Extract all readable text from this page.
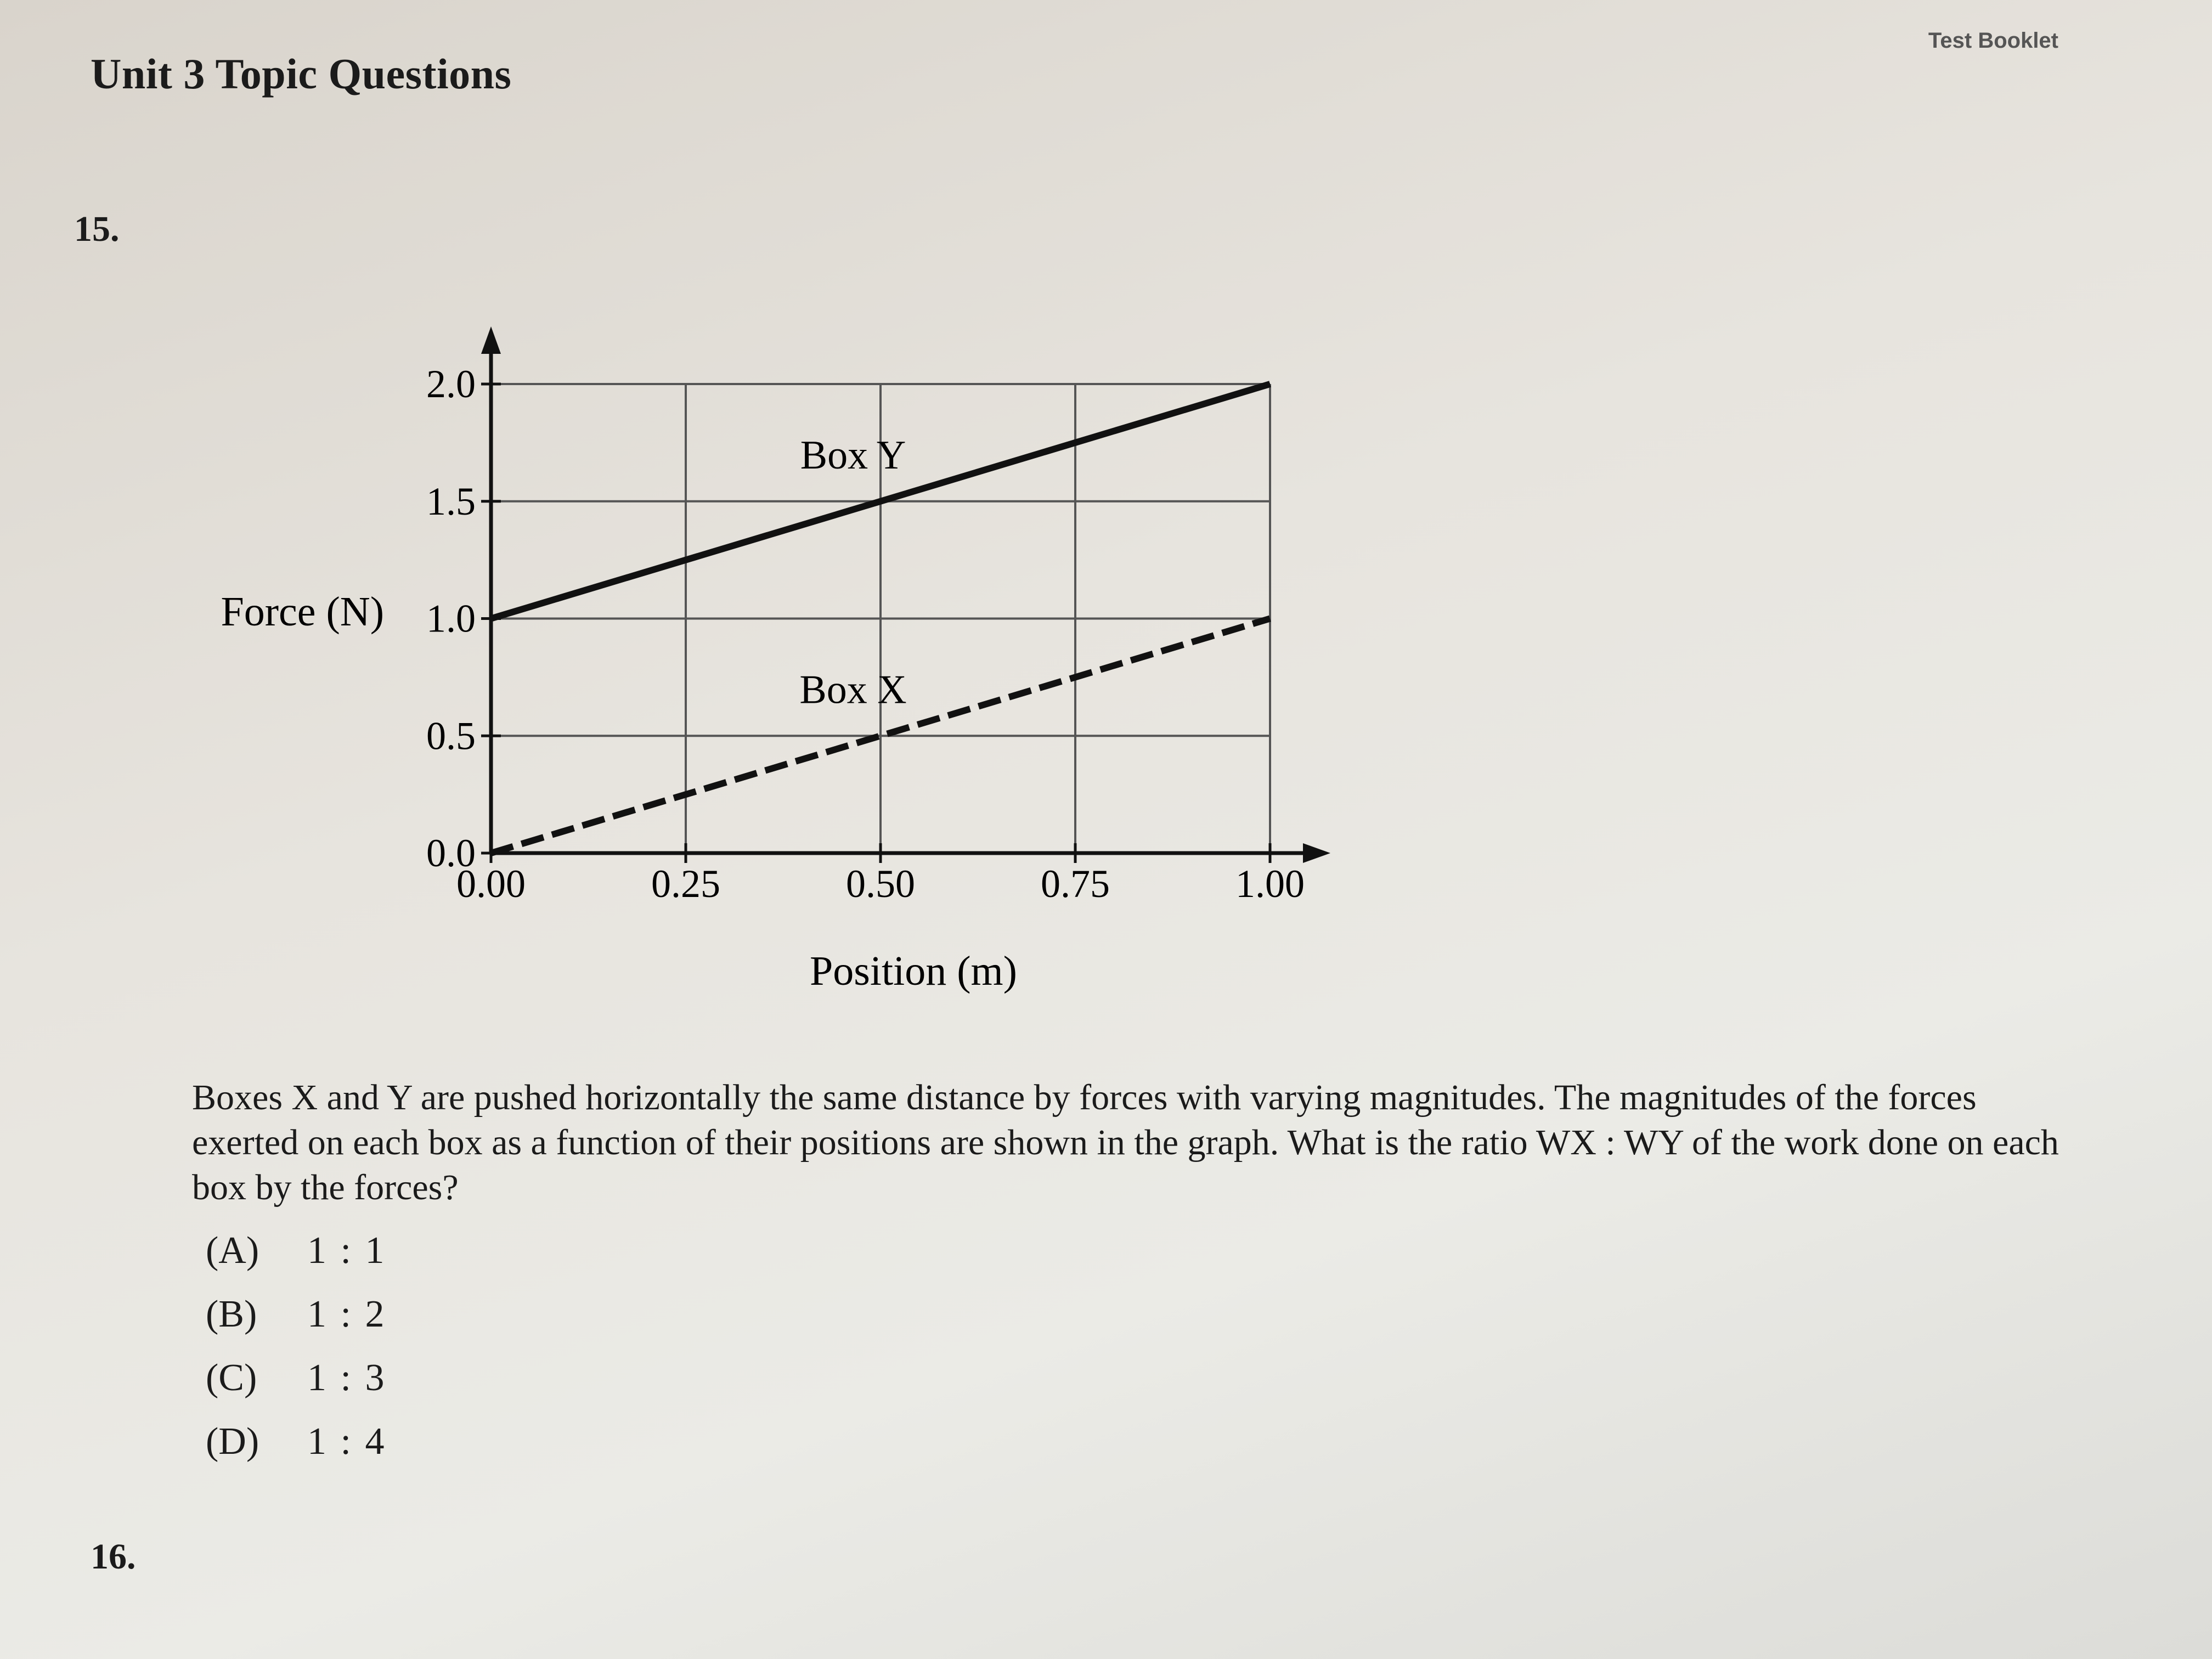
Test Booklet
Unit 3 Topic Questions
15.
0.00	0.25	0.50	0.75	1.00
0.0
0.5
1.0
1.5
2.0
Box Y
Box X
Force (N)
Position (m)
Boxes X and Y are pushed horizontally the same distance by forces with varying magnitudes. The magnitudes of the forces exerted on each box as a function of their positions are shown in the graph. What is the ratio WX : WY of the work done on each box by the forces?
(A)	1 : 1
(B)	1 : 2
(C)	1 : 3
(D)	1 : 4
16.
